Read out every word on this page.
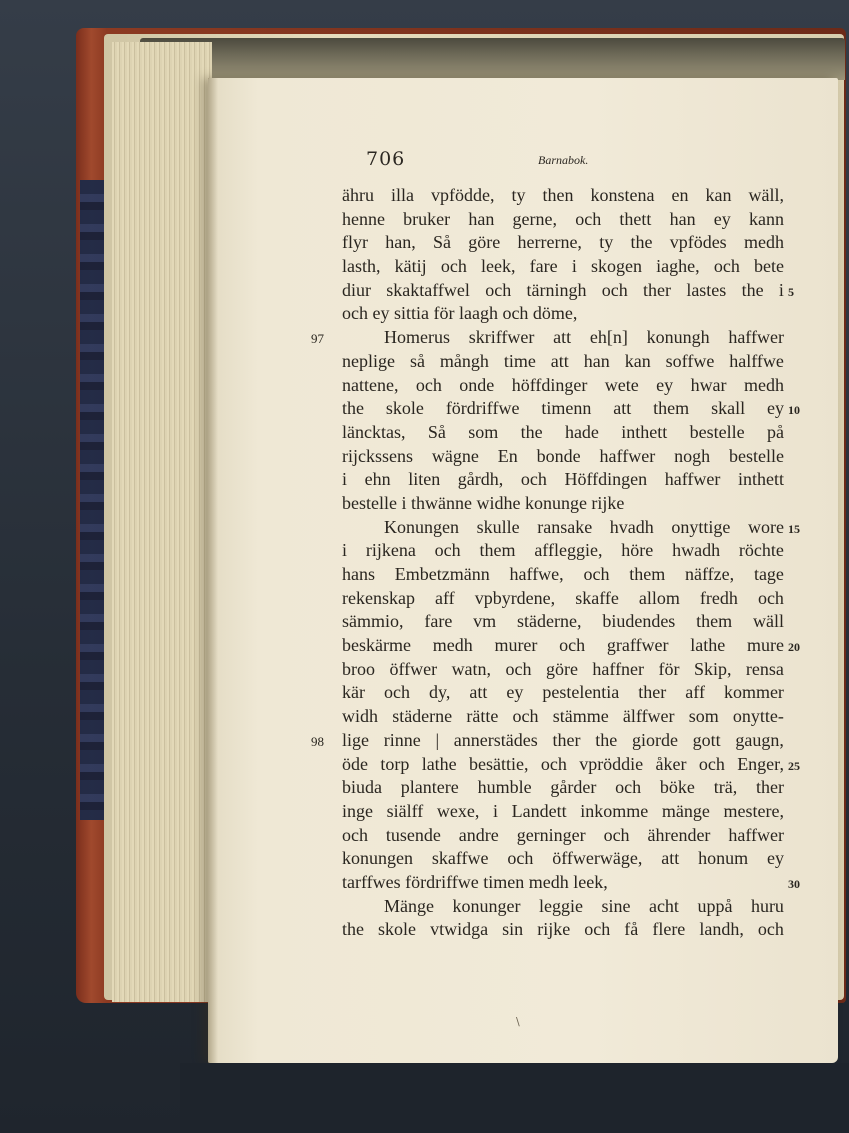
706	Barnabok.
ähru illa vpfödde, ty then konstena en kan wäll,
henne bruker han gerne, och thett han ey kann
flyr han, Så göre herrerne, ty the vpfödes medh
lasth, kätij och leek, fare i skogen iaghe, och bete
diur skaktaffwel och tärningh och ther lastes the i
och ey sittia för laagh och döme,
Homerus skriffwer att eh[n] konungh haffwer
neplige så mångh time att han kan soffwe halffwe
nattene, och onde höffdinger wete ey hwar medh
the skole fördriffwe timenn att them skall ey
läncktas, Så som the hade inthett bestelle på
rijckssens wägne En bonde haffwer nogh bestelle
i ehn liten gårdh, och Höffdingen haffwer inthett
bestelle i thwänne widhe konunge rijke
Konungen skulle ransake hvadh onyttige wore
i rijkena och them affleggie, höre hwadh röchte
hans Embetzmänn haffwe, och them näffze, tage
rekenskap aff vpbyrdene, skaffe allom fredh och
sämmio, fare vm städerne, biudendes them wäll
beskärme medh murer och graffwer lathe mure
broo öffwer watn, och göre haffner för Skip, rensa
kär och dy, att ey pestelentia ther aff kommer
widh städerne rätte och stämme älffwer som onytte-
lige rinne | annerstädes ther the giorde gott gaugn,
öde torp lathe besättie, och vpröddie åker och Enger,
biuda plantere humble gårder och böke trä, ther
inge siälff wexe, i Landett inkomme mänge mestere,
och tusende andre gerninger och ährender haffwer
konungen skaffwe och öffwerwäge, att honum ey
tarffwes fördriffwe timen medh leek,
Mänge konunger leggie sine acht uppå huru
the skole vtwidga sin rijke och få flere landh, och
97
98
5
10
15
20
25
30
\
